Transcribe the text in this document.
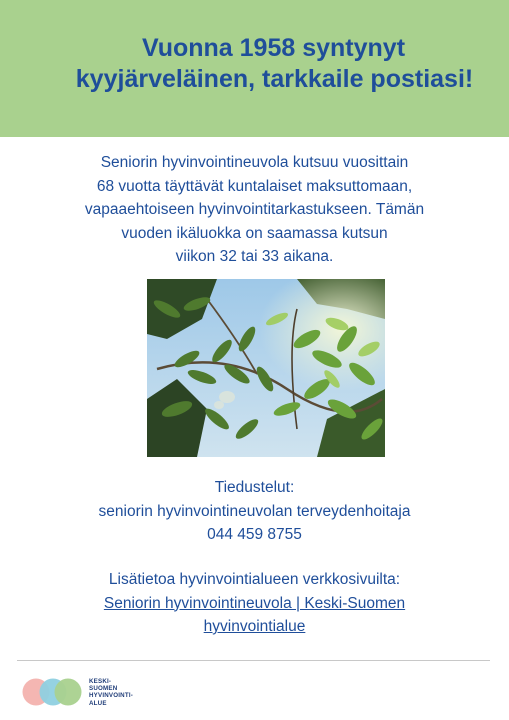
Vuonna 1958 syntynyt
kyyjärveläinen, tarkkaile postiasi!
Seniorin hyvinvointineuvola kutsuu vuosittain
68 vuotta täyttävät kuntalaiset maksuttomaan,
vapaaehtoiseen hyvinvointitarkastukseen. Tämän
vuoden ikäluokka on saamassa kutsun
viikon 32 tai 33 aikana.
Tiedustelut:
seniorin hyvinvointineuvolan terveydenhoitaja
044 459 8755
Lisätietoa hyvinvointialueen verkkosivuilta:
Seniorin hyvinvointineuvola | Keski-Suomen
hyvinvointialue
KESKI-
SUOMEN
HYVINVOINTI-
ALUE
